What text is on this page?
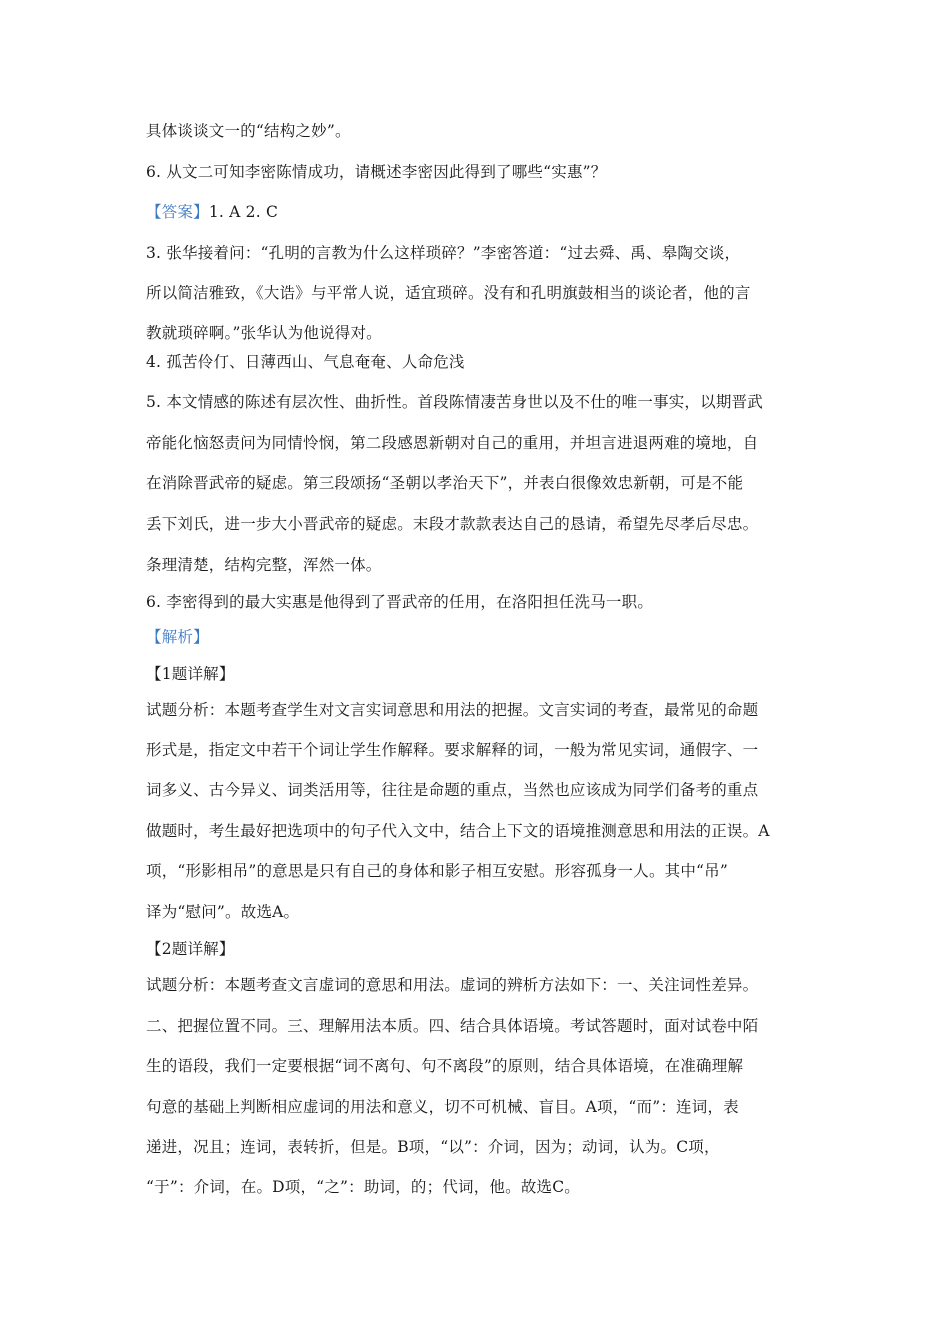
具体谈谈文一的“结构之妙”。
6. 从文二可知李密陈情成功，请概述李密因此得到了哪些“实惠”？
【答案】1. A 2. C
3. 张华接着问：“孔明的言教为什么这样琐碎？”李密答道：“过去舜、禹、皋陶交谈，
所以简洁雅致，《大诰》与平常人说，适宜琐碎。没有和孔明旗鼓相当的谈论者，他的言
教就琐碎啊。”张华认为他说得对。
4. 孤苦伶仃、日薄西山、气息奄奄、人命危浅
5. 本文情感的陈述有层次性、曲折性。首段陈情凄苦身世以及不仕的唯一事实，以期晋武
帝能化恼怒责问为同情怜悯，第二段感恩新朝对自己的重用，并坦言进退两难的境地，自
在消除晋武帝的疑虑。第三段颂扬“圣朝以孝治天下”，并表白很像效忠新朝，可是不能
丢下刘氏，进一步大小晋武帝的疑虑。末段才款款表达自己的恳请，希望先尽孝后尽忠。
条理清楚，结构完整，浑然一体。
6. 李密得到的最大实惠是他得到了晋武帝的任用，在洛阳担任洗马一职。
【解析】
【1题详解】
试题分析：本题考查学生对文言实词意思和用法的把握。文言实词的考查，最常见的命题
形式是，指定文中若干个词让学生作解释。要求解释的词，一般为常见实词，通假字、一
词多义、古今异义、词类活用等，往往是命题的重点，当然也应该成为同学们备考的重点
做题时，考生最好把选项中的句子代入文中，结合上下文的语境推测意思和用法的正误。A
项，“形影相吊”的意思是只有自己的身体和影子相互安慰。形容孤身一人。其中“吊”
译为“慰问”。故选A。
【2题详解】
试题分析：本题考查文言虚词的意思和用法。虚词的辨析方法如下：一、关注词性差异。
二、把握位置不同。三、理解用法本质。四、结合具体语境。考试答题时，面对试卷中陌
生的语段，我们一定要根据“词不离句、句不离段”的原则，结合具体语境，在准确理解
句意的基础上判断相应虚词的用法和意义，切不可机械、盲目。A项，“而”：连词，表
递进，况且；连词，表转折，但是。B项，“以”：介词，因为；动词，认为。C项，
“于”：介词，在。D项，“之”：助词，的；代词，他。故选C。
